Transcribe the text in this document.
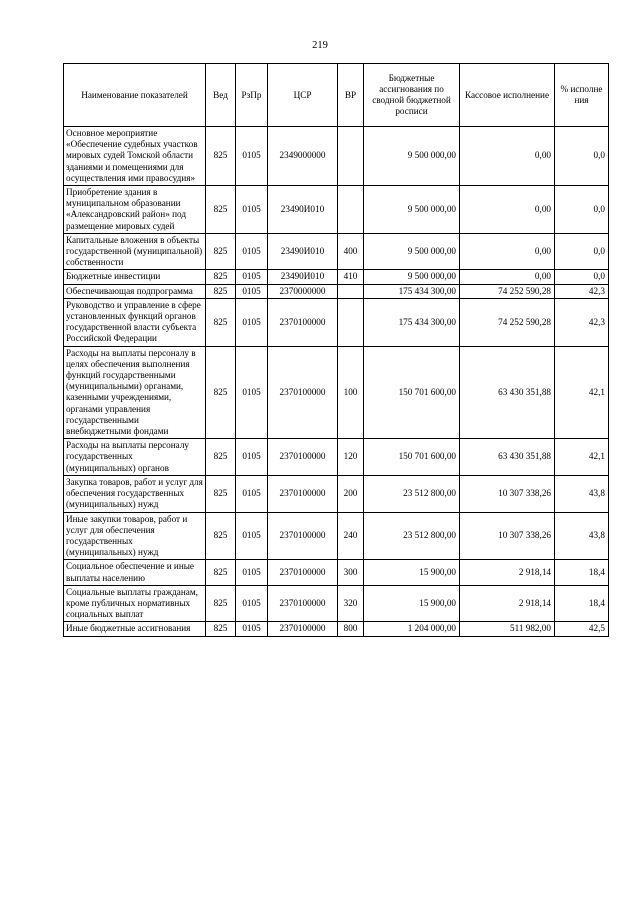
219
Наименование показателей	Вед	РзПр	ЦСР	ВР	Бюджетные ассигнования по сводной бюджетной росписи	Кассовое исполнение	% исполне ния
Основное мероприятие «Обеспечение судебных участков мировых судей Томской области зданиями и помещениями для осуществления ими правосудия»	825	0105	2349000000		9 500 000,00	0,00	0,0
Приобретение здания в муниципальном образовании «Александровский район» под размещение мировых судей	825	0105	23490И010		9 500 000,00	0,00	0,0
Капитальные вложения в объекты государственной (муниципальной) собственности	825	0105	23490И010	400	9 500 000,00	0,00	0,0
Бюджетные инвестиции	825	0105	23490И010	410	9 500 000,00	0,00	0,0
Обеспечивающая подпрограмма	825	0105	2370000000		175 434 300,00	74 252 590,28	42,3
Руководство и управление в сфере установленных функций органов государственной власти субъекта Российской Федерации	825	0105	2370100000		175 434 300,00	74 252 590,28	42,3
Расходы на выплаты персоналу в целях обеспечения выполнения функций государственными (муниципальными) органами, казенными учреждениями, органами управления государственными внебюджетными фондами	825	0105	2370100000	100	150 701 600,00	63 430 351,88	42,1
Расходы на выплаты персоналу государственных (муниципальных) органов	825	0105	2370100000	120	150 701 600,00	63 430 351,88	42,1
Закупка товаров, работ и услуг для обеспечения государственных (муниципальных) нужд	825	0105	2370100000	200	23 512 800,00	10 307 338,26	43,8
Иные закупки товаров, работ и услуг для обеспечения государственных (муниципальных) нужд	825	0105	2370100000	240	23 512 800,00	10 307 338,26	43,8
Социальное обеспечение и иные выплаты населению	825	0105	2370100000	300	15 900,00	2 918,14	18,4
Социальные выплаты гражданам, кроме публичных нормативных социальных выплат	825	0105	2370100000	320	15 900,00	2 918,14	18,4
Иные бюджетные ассигнования	825	0105	2370100000	800	1 204 000,00	511 982,00	42,5
